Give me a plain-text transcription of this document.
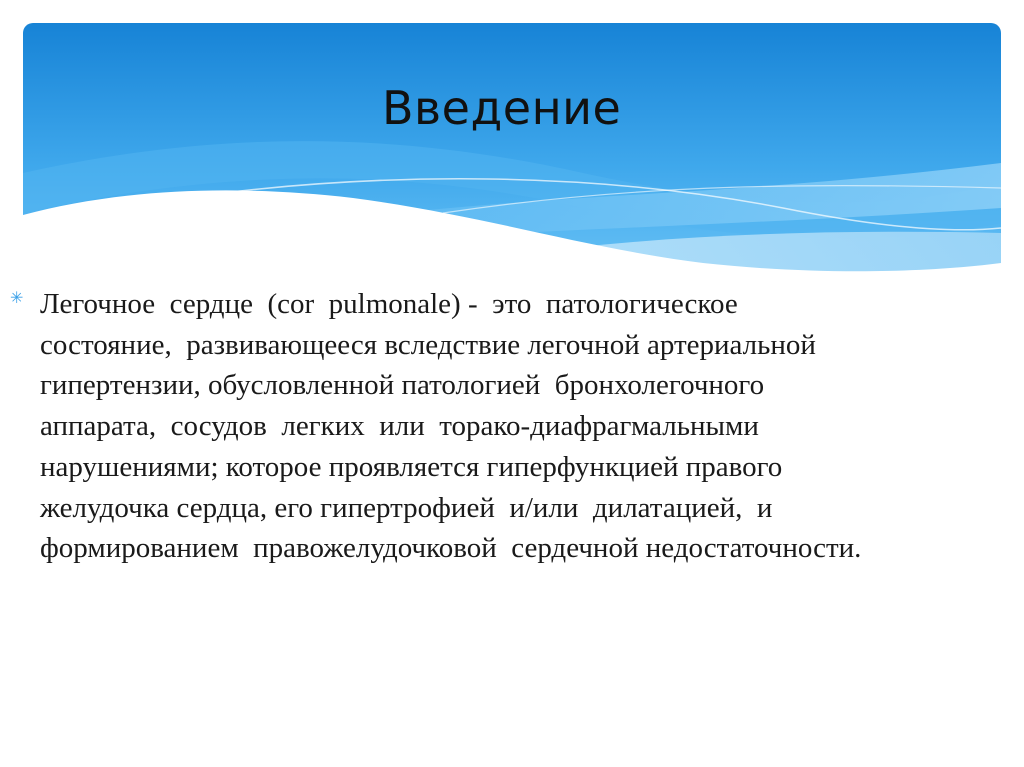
Введение
✳ Легочное  сердце  (cor  pulmonale) -  это  патологическое

состояние,  развивающееся вследствие легочной артериальной

гипертензии, обусловленной патологией  бронхолегочного

аппарата,  сосудов  легких  или  торако-диафрагмальными

нарушениями; которое проявляется гиперфункцией правого

желудочка сердца, его гипертрофией  и/или  дилатацией,  и

формированием  правожелудочковой  сердечной недостаточности.
